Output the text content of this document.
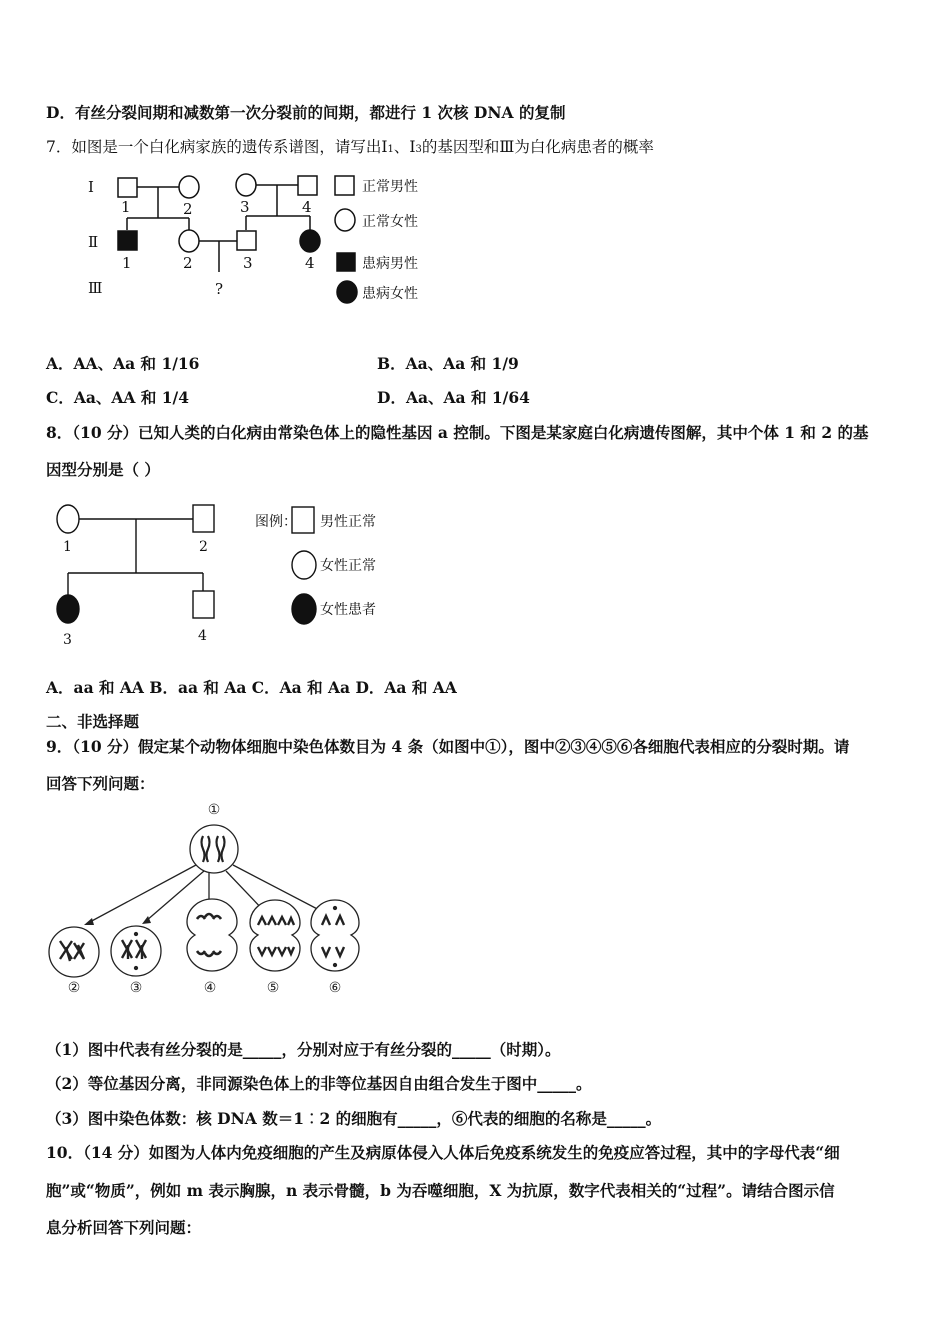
D．有丝分裂间期和减数第一次分裂前的间期，都进行 1 次核 DNA 的复制
7．如图是一个白化病家族的遗传系谱图，请写出Ⅰ1、Ⅰ3的基因型和Ⅲ为白化病患者的概率
Ⅰ
Ⅱ
Ⅲ
1	2	3	4
1	2	3	4
?
正常男性
正常女性
患病男性
患病女性
A．AA、Aa 和 1/16	B．Aa、Aa 和 1/9
C．Aa、AA 和 1/4	D．Aa、Aa 和 1/64
8．（10 分）已知人类的白化病由常染色体上的隐性基因 a 控制。下图是某家庭白化病遗传图解，其中个体 1 和 2 的基
因型分别是（ ）
1	2
3	4
图例： 男性正常
女性正常
女性患者
A．aa 和 AA B．aa 和 Aa C．Aa 和 Aa D．Aa 和 AA
二、非选择题
9．（10 分）假定某个动物体细胞中染色体数目为 4 条（如图中①），图中②③④⑤⑥各细胞代表相应的分裂时期。请
回答下列问题：
①
②	③	④	⑤	⑥
（1）图中代表有丝分裂的是_____，分别对应于有丝分裂的_____（时期）。
（2）等位基因分离，非同源染色体上的非等位基因自由组合发生于图中_____。
（3）图中染色体数：核 DNA 数＝1︰2 的细胞有_____，⑥代表的细胞的名称是_____。
10．（14 分）如图为人体内免疫细胞的产生及病原体侵入人体后免疫系统发生的免疫应答过程，其中的字母代表“细
胞”或“物质”，例如 m 表示胸腺，n 表示骨髓，b 为吞噬细胞，X 为抗原，数字代表相关的“过程”。请结合图示信
息分析回答下列问题：
